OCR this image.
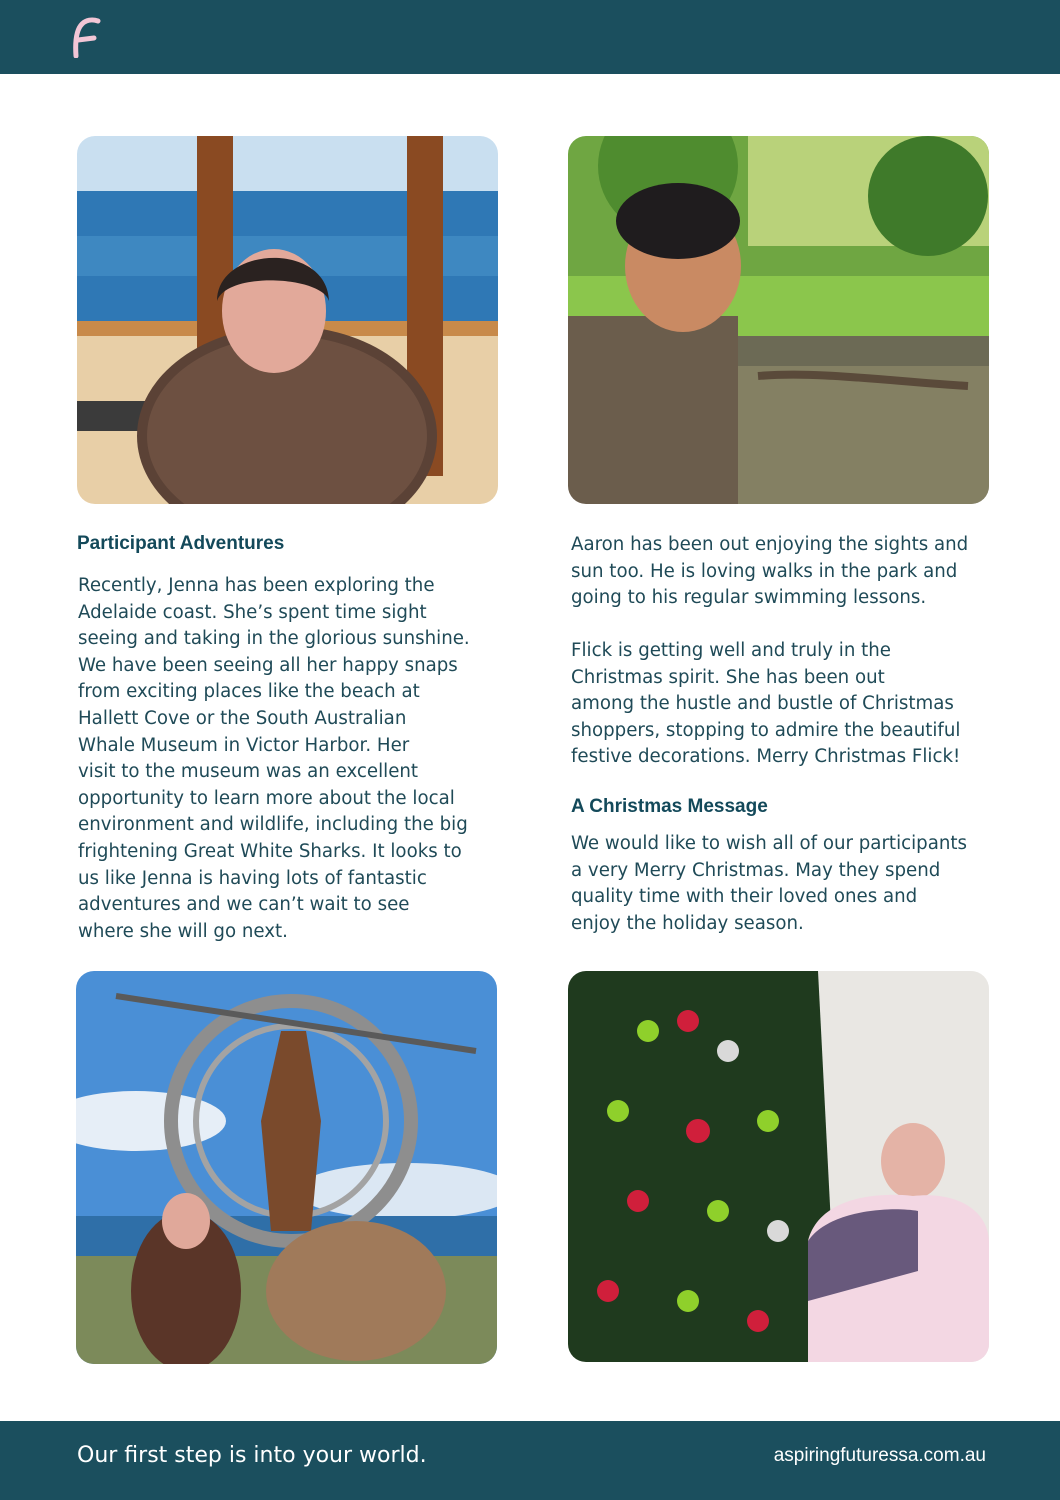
Participant Adventures

Recently, Jenna has been exploring the
Adelaide coast. She’s spent time sight
seeing and taking in the glorious sunshine.
We have been seeing all her happy snaps
from exciting places like the beach at
Hallett Cove or the South Australian
Whale Museum in Victor Harbor. Her
visit to the museum was an excellent
opportunity to learn more about the local
environment and wildlife, including the big
frightening Great White Sharks. It looks to
us like Jenna is having lots of fantastic
adventures and we can’t wait to see
where she will go next.

Aaron has been out enjoying the sights and
sun too. He is loving walks in the park and
going to his regular swimming lessons.

Flick is getting well and truly in the
Christmas spirit. She has been out
among the hustle and bustle of Christmas
shoppers, stopping to admire the beautiful
festive decorations. Merry Christmas Flick!

A Christmas Message

We would like to wish all of our participants
a very Merry Christmas. May they spend
quality time with their loved ones and
enjoy the holiday season.

Our first step is into your world.	aspiringfuturessa.com.au
